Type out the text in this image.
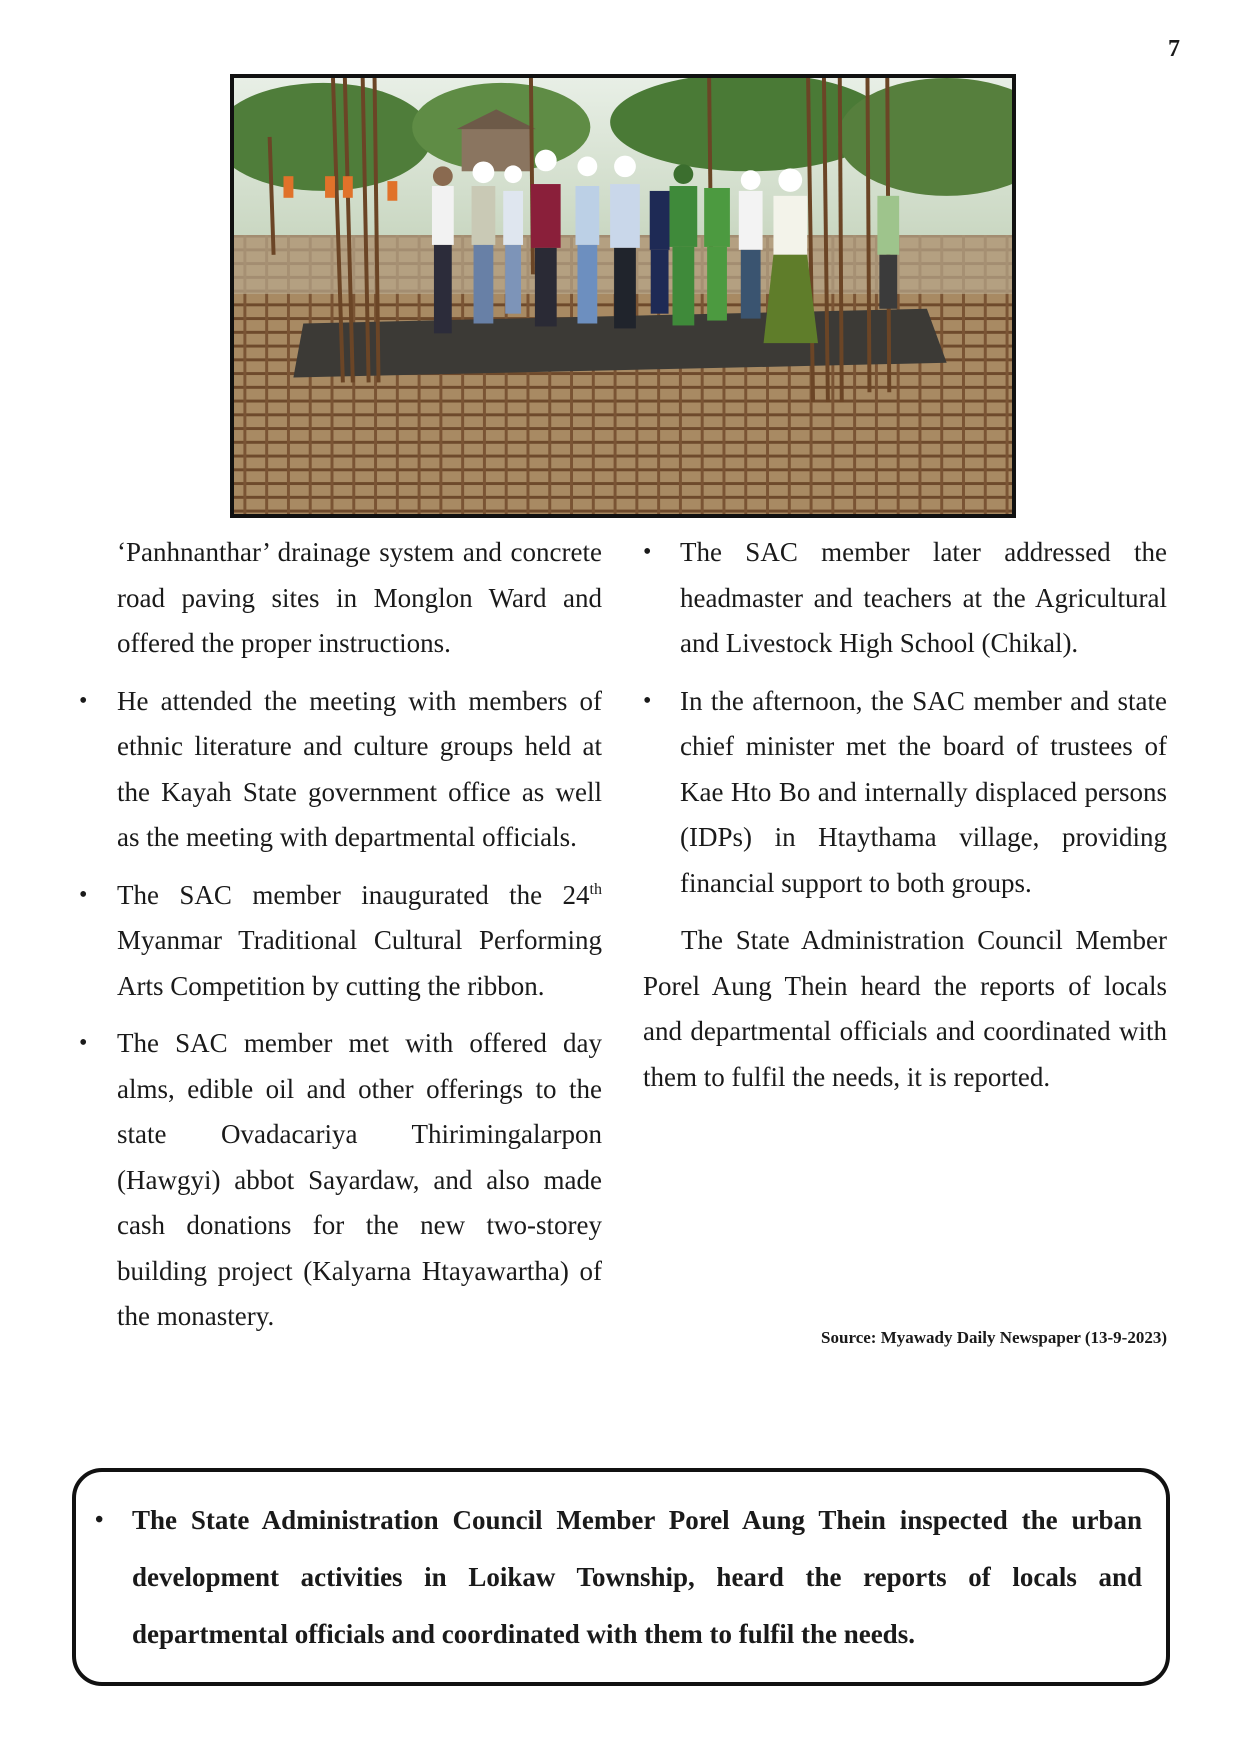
7

‘Panhnanthar’ drainage system and concrete road paving sites in Monglon Ward and offered the proper instructions.

• He attended the meeting with members of ethnic literature and culture groups held at the Kayah State government office as well as the meeting with departmental officials.

• The SAC member inaugurated the 24th Myanmar Traditional Cultural Performing Arts Competition by cutting the ribbon.

• The SAC member met with offered day alms, edible oil and other offerings to the state Ovadacariya Thirimingalarpon (Hawgyi) abbot Sayardaw, and also made cash donations for the new two-storey building project (Kalyarna Htayawartha) of the monastery.

• The SAC member later addressed the headmaster and teachers at the Agricultural and Livestock High School (Chikal).

• In the afternoon, the SAC member and state chief minister met the board of trustees of Kae Hto Bo and internally displaced persons (IDPs) in Htaythama village, providing financial support to both groups.

The State Administration Council Member Porel Aung Thein heard the reports of locals and departmental officials and coordinated with them to fulfil the needs, it is reported.

Source: Myawady Daily Newspaper (13-9-2023)

• The State Administration Council Member Porel Aung Thein inspected the urban development activities in Loikaw Township, heard the reports of locals and departmental officials and coordinated with them to fulfil the needs.
